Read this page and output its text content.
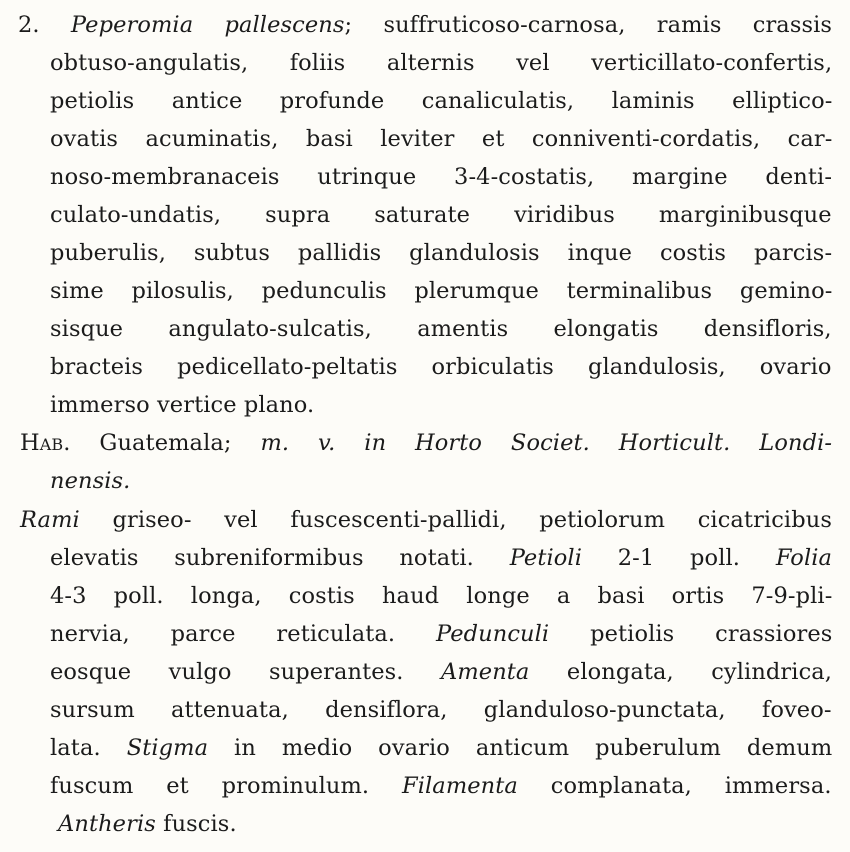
2. Peperomia pallescens; suffruticoso-carnosa, ramis crassis
obtuso-angulatis, foliis alternis vel verticillato-confertis,
petiolis antice profunde canaliculatis, laminis elliptico-
ovatis acuminatis, basi leviter et conniventi-cordatis, car-
noso-membranaceis utrinque 3-4-costatis, margine denti-
culato-undatis, supra saturate viridibus marginibusque
puberulis, subtus pallidis glandulosis inque costis parcis-
sime pilosulis, pedunculis plerumque terminalibus gemino-
sisque angulato-sulcatis, amentis elongatis densifloris,
bracteis pedicellato-peltatis orbiculatis glandulosis, ovario
immerso vertice plano.
Hab. Guatemala; m. v. in Horto Societ. Horticult. Londi-
nensis.
Rami griseo- vel fuscescenti-pallidi, petiolorum cicatricibus
elevatis subreniformibus notati. Petioli 2-1 poll. Folia
4-3 poll. longa, costis haud longe a basi ortis 7-9-pli-
nervia, parce reticulata. Pedunculi petiolis crassiores
eosque vulgo superantes. Amenta elongata, cylindrica,
sursum attenuata, densiflora, glanduloso-punctata, foveo-
lata. Stigma in medio ovario anticum puberulum demum
fuscum et prominulum. Filamenta complanata, immersa.
Antheris fuscis.
